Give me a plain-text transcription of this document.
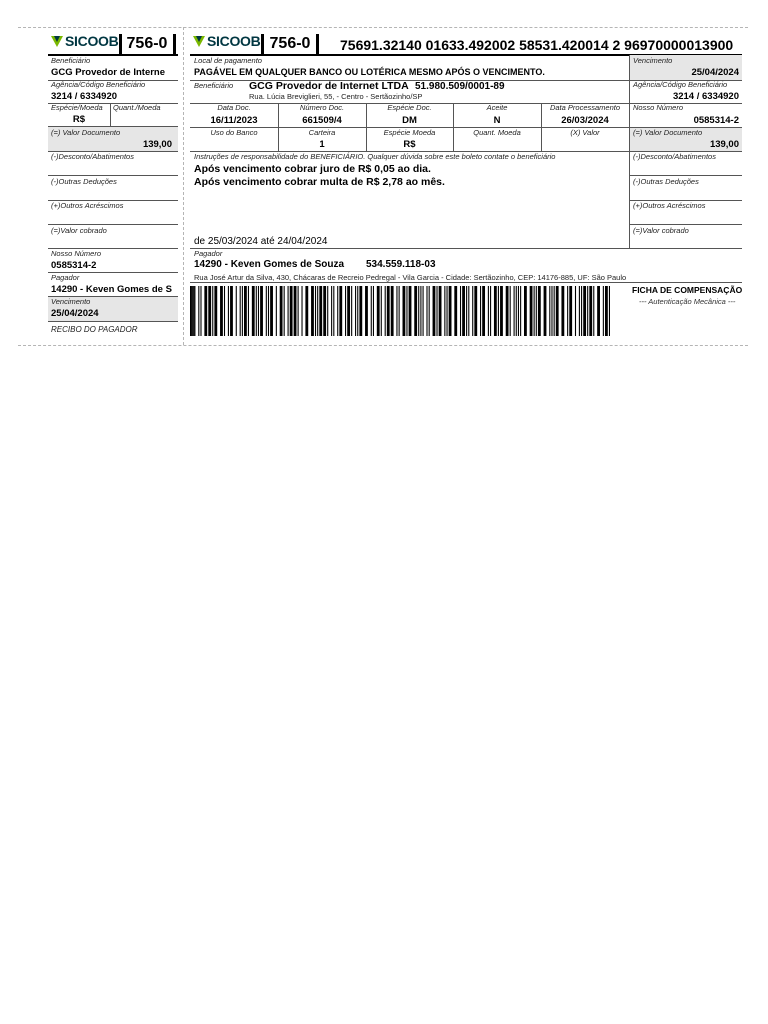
SICOOB 756-0
Beneficiário
GCG Provedor de Interne
Agência/Código Beneficiário
3214 / 6334920
Espécie/Moeda Quant./Moeda
R$
(=) Valor Documento
139,00
(-)Desconto/Abatimentos
(-)Outras Deduções
(+)Outros Acréscimos
(=)Valor cobrado
Nosso Número
0585314-2
Pagador
14290 - Keven Gomes de S
Vencimento
25/04/2024
RECIBO DO PAGADOR
SICOOB 756-0 75691.32140 01633.492002 58531.420014 2 96970000013900
Local de pagamento
PAGÁVEL EM QUALQUER BANCO OU LOTÉRICA MESMO APÓS O VENCIMENTO.
Vencimento
25/04/2024
Beneficiário GCG Provedor de Internet LTDA 51.980.509/0001-89
Rua. Lúcia Breviglieri, 55, - Centro - Sertãozinho/SP
Agência/Código Beneficiário
3214 / 6334920
Data Doc.
16/11/2023
Número Doc.
661509/4
Espécie Doc.
DM
Aceite
N
Data Processamento
26/03/2024
Nosso Número
0585314-2
Uso do Banco	Carteira
1
Espécie Moeda
R$
Quant. Moeda	(X) Valor	(=) Valor Documento
139,00
Instruções de responsabilidade do BENEFICIÁRIO. Qualquer dúvida sobre este boleto contate o beneficiário
Após vencimento cobrar juro de R$ 0,05 ao dia.
Após vencimento cobrar multa de R$ 2,78 ao mês.
de 25/03/2024 até 24/04/2024
(-)Desconto/Abatimentos
(-)Outras Deduções
(+)Outros Acréscimos
(=)Valor cobrado
Pagador
14290 - Keven Gomes de Souza 534.559.118-03
Rua José Artur da Silva, 430, Chácaras de Recreio Pedregal - Vila Garcia - Cidade: Sertãozinho, CEP: 14176-885, UF: São Paulo
FICHA DE COMPENSAÇÃO
--- Autenticação Mecânica ---
